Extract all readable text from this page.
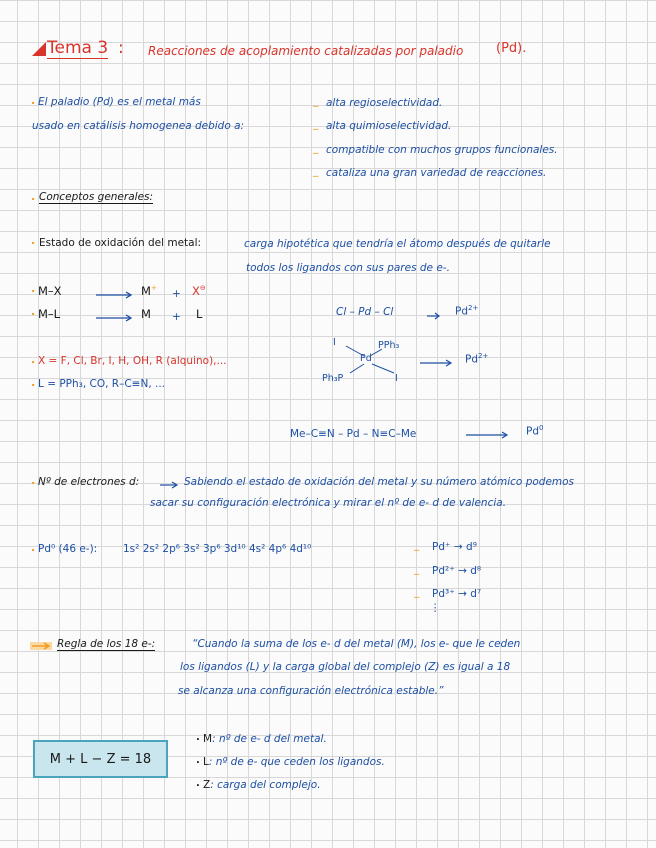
Tema 3 : Reacciones de acoplamiento catalizadas por paladio	(Pd).
. El paladio (Pd) es el metal más
usado en catálisis homogenea debido a:
_ alta regioselectividad.
_ alta quimioselectividad.
_ compatible con muchos grupos funcionales.
_ cataliza una gran variedad de reacciones.
. Conceptos generales:
. Estado de oxidación del metal:	carga hipotética que tendría el átomo después de quitarle
todos los ligandos con sus pares de e-.
. M–X	M+ + X⊖
. M–L	M + L	Cl – Pd – Cl	$Pd^{2+}$
. X = F, Cl, Br, I, H, OH, R (alquino),...
. L = PPh₃, CO, R–C≡N, ...
I	PPh₃
Pd
Ph₃P	I
$Pd^{2+}$
Me–C≡N – Pd – N≡C–Me	Pd$^0$
. Nº de electrones d:	Sabiendo el estado de oxidación del metal y su número atómico podemos
sacar su configuración electrónica y mirar el nº de e- d de valencia.
. Pd⁰ (46 e-): 1s² 2s² 2p⁶ 3s² 3p⁶ 3d¹⁰ 4s² 4p⁶ 4d¹⁰	_ Pd⁺ → d⁹
_ Pd²⁺ → d⁸
_ Pd³⁺ → d⁷
⋮
Regla de los 18 e-:	“Cuando la suma de los e- d del metal (M), los e- que le ceden
los ligandos (L) y la carga global del complejo (Z) es igual a 18
se alcanza una configuración electrónica estable.”
M + L − Z = 18
. M: nº de e- d del metal.
. L: nº de e- que ceden los ligandos.
. Z: carga del complejo.
